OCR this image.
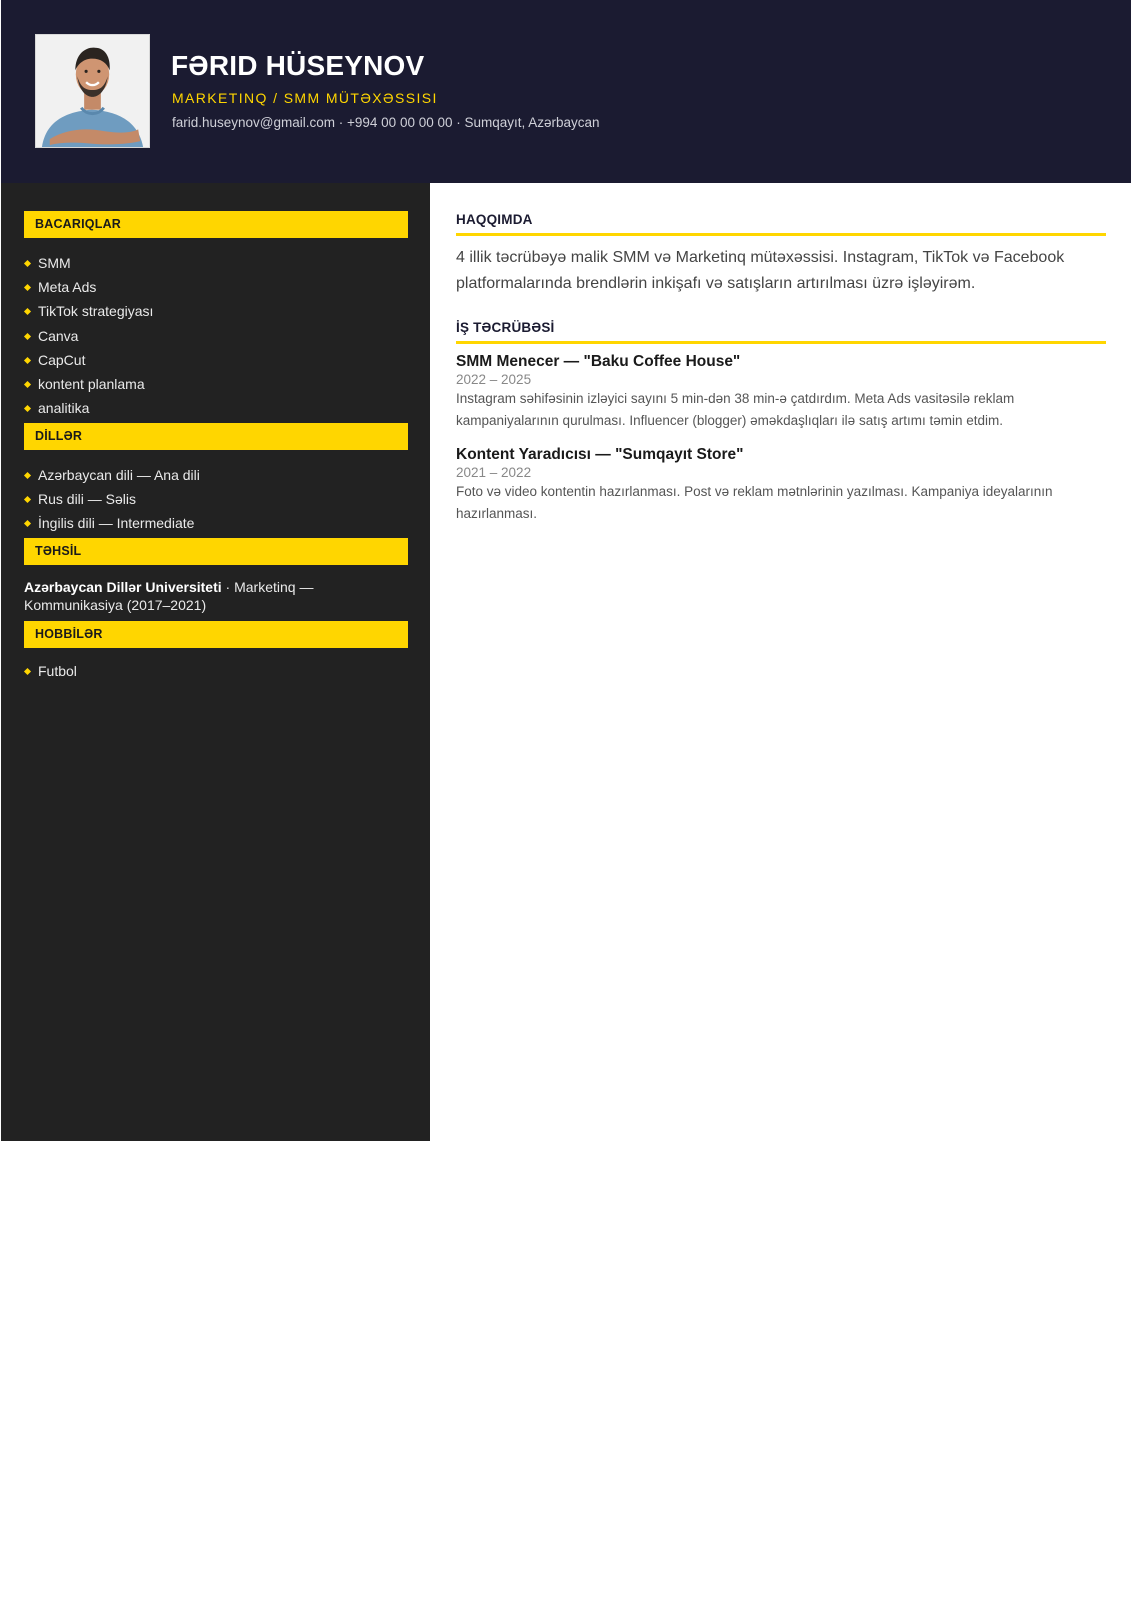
FƏRID HÜSEYNOV
MARKETINQ / SMM MÜTƏXƏSSISI
farid.huseynov@gmail.com · +994 00 00 00 00 · Sumqayıt, Azərbaycan
BACARIQLAR
SMM
Meta Ads
TikTok strategiyası
Canva
CapCut
kontent planlama
analitika
DİLLƏR
Azərbaycan dili — Ana dili
Rus dili — Səlis
İngilis dili — Intermediate
TƏHSİL
Azərbaycan Dillər Universiteti · Marketinq — Kommunikasiya (2017–2021)
HOBBİLƏR
Futbol
HAQQIMDA
4 illik təcrübəyə malik SMM və Marketinq mütəxəssisi. Instagram, TikTok və Facebook platformalarında brendlərin inkişafı və satışların artırılması üzrə işləyirəm.
İŞ TƏCRÜBƏSİ
SMM Menecer — "Baku Coffee House"
2022 – 2025
Instagram səhifəsinin izləyici sayını 5 min-dən 38 min-ə çatdırdım. Meta Ads vasitəsilə reklam kampaniyalarının qurulması. Influencer (blogger) əməkdaşlıqları ilə satış artımı təmin etdim.
Kontent Yaradıcısı — "Sumqayıt Store"
2021 – 2022
Foto və video kontentin hazırlanması. Post və reklam mətnlərinin yazılması. Kampaniya ideyalarının hazırlanması.
